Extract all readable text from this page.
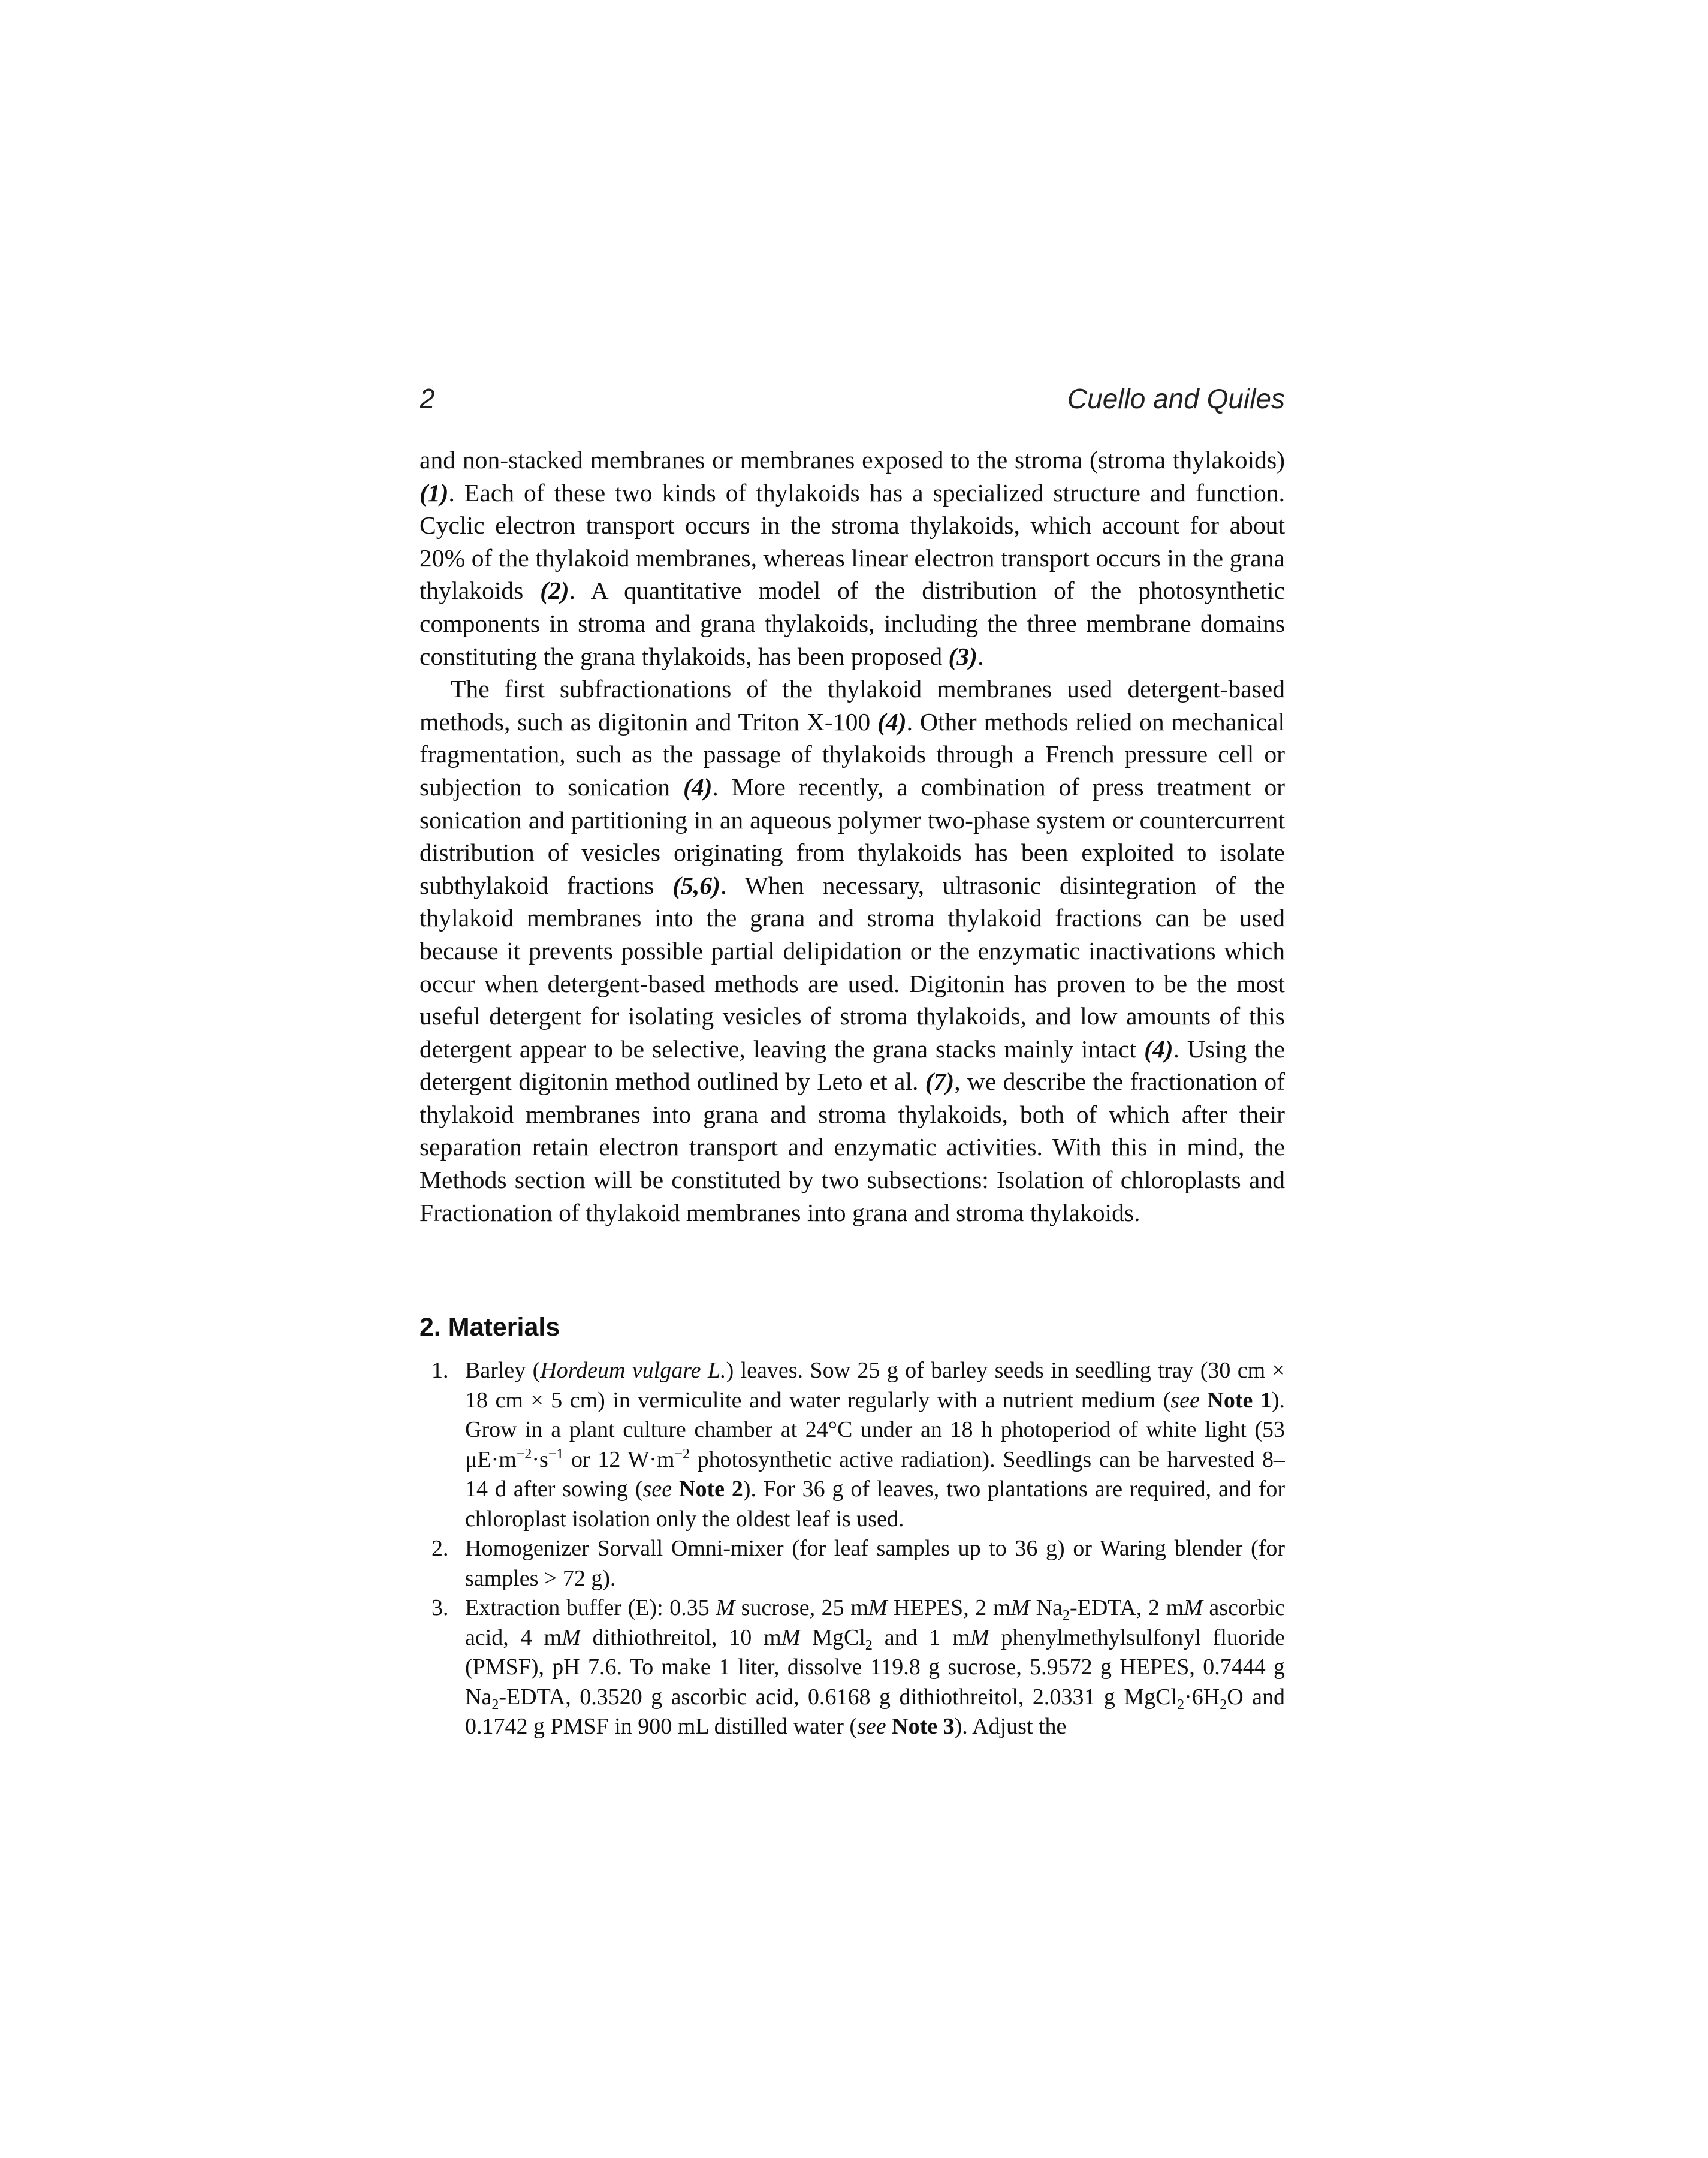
2	Cuello and Quiles

and non-stacked membranes or membranes exposed to the stroma (stroma thylakoids) (1). Each of these two kinds of thylakoids has a specialized structure and function. Cyclic electron transport occurs in the stroma thylakoids, which account for about 20% of the thylakoid membranes, whereas linear electron transport occurs in the grana thylakoids (2). A quantitative model of the distribution of the photosynthetic components in stroma and grana thylakoids, including the three membrane domains constituting the grana thylakoids, has been proposed (3).

The first subfractionations of the thylakoid membranes used detergent-based methods, such as digitonin and Triton X-100 (4). Other methods relied on mechanical fragmentation, such as the passage of thylakoids through a French pressure cell or subjection to sonication (4). More recently, a combination of press treatment or sonication and partitioning in an aqueous polymer two-phase system or countercurrent distribution of vesicles originating from thylakoids has been exploited to isolate subthylakoid fractions (5,6). When necessary, ultrasonic disintegration of the thylakoid membranes into the grana and stroma thylakoid fractions can be used because it prevents possible partial delipidation or the enzymatic inactivations which occur when detergent-based methods are used. Digitonin has proven to be the most useful detergent for isolating vesicles of stroma thylakoids, and low amounts of this detergent appear to be selective, leaving the grana stacks mainly intact (4). Using the detergent digitonin method outlined by Leto et al. (7), we describe the fractionation of thylakoid membranes into grana and stroma thylakoids, both of which after their separation retain electron transport and enzymatic activities. With this in mind, the Methods section will be constituted by two subsections: Isolation of chloroplasts and Fractionation of thylakoid membranes into grana and stroma thylakoids.

2. Materials
1. Barley (Hordeum vulgare L.) leaves. Sow 25 g of barley seeds in seedling tray (30 cm × 18 cm × 5 cm) in vermiculite and water regularly with a nutrient medium (see Note 1). Grow in a plant culture chamber at 24°C under an 18 h photoperiod of white light (53 $\mu E\cdot m^{-2}\cdot s^{-1}$ or 12 $W\cdot m^{-2}$ photosynthetic active radiation). Seedlings can be harvested 8–14 d after sowing (see Note 2). For 36 g of leaves, two plantations are required, and for chloroplast isolation only the oldest leaf is used.
2. Homogenizer Sorvall Omni-mixer (for leaf samples up to 36 g) or Waring blender (for samples > 72 g).
3. Extraction buffer (E): 0.35 M sucrose, 25 mM HEPES, 2 mM $Na_2$-EDTA, 2 mM ascorbic acid, 4 mM dithiothreitol, 10 mM MgCl$_2$ and 1 mM phenylmethylsulfonyl fluoride (PMSF), pH 7.6. To make 1 liter, dissolve 119.8 g sucrose, 5.9572 g HEPES, 0.7444 g $Na_2$-EDTA, 0.3520 g ascorbic acid, 0.6168 g dithiothreitol, 2.0331 g $MgCl_2\cdot 6H_2O$ and 0.1742 g PMSF in 900 mL distilled water (see Note 3). Adjust the
